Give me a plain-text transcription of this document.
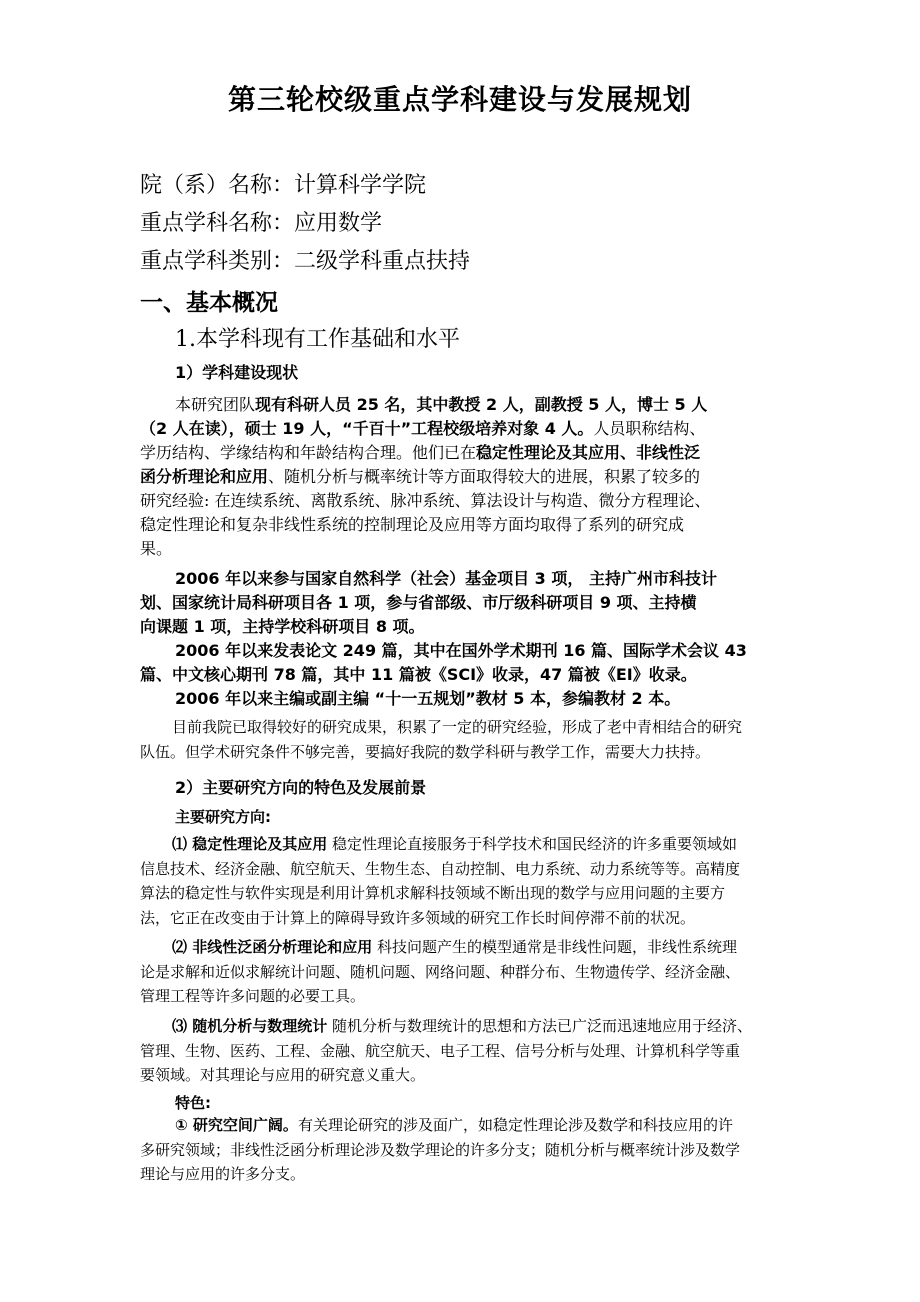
第三轮校级重点学科建设与发展规划
院（系）名称：计算科学学院
重点学科名称：应用数学
重点学科类别：二级学科重点扶持
一、基本概况
1.本学科现有工作基础和水平
1）学科建设现状
本研究团队现有科研人员 25 名，其中教授 2 人，副教授 5 人，博士 5 人
（2 人在读），硕士 19 人，“千百十”工程校级培养对象 4 人。人员职称结构、
学历结构、学缘结构和年龄结构合理。他们已在稳定性理论及其应用、非线性泛
函分析理论和应用、随机分析与概率统计等方面取得较大的进展，积累了较多的
研究经验: 在连续系统、离散系统、脉冲系统、算法设计与构造、微分方程理论、
稳定性理论和复杂非线性系统的控制理论及应用等方面均取得了系列的研究成
果。
2006 年以来参与国家自然科学（社会）基金项目 3 项， 主持广州市科技计
划、国家统计局科研项目各 1 项，参与省部级、市厅级科研项目 9 项、主持横
向课题 1 项，主持学校科研项目 8 项。
2006 年以来发表论文 249 篇，其中在国外学术期刊 16 篇、国际学术会议 43
篇、中文核心期刊 78 篇，其中 11 篇被《SCI》收录，47 篇被《EI》收录。
2006 年以来主编或副主编 “十一五规划”教材 5 本，参编教材 2 本。
目前我院已取得较好的研究成果，积累了一定的研究经验，形成了老中青相结合的研究
队伍。但学术研究条件不够完善，要搞好我院的数学科研与教学工作，需要大力扶持。
2）主要研究方向的特色及发展前景
主要研究方向:
⑴ 稳定性理论及其应用 稳定性理论直接服务于科学技术和国民经济的许多重要领域如
信息技术、经济金融、航空航天、生物生态、自动控制、电力系统、动力系统等等。高精度
算法的稳定性与软件实现是利用计算机求解科技领域不断出现的数学与应用问题的主要方
法，它正在改变由于计算上的障碍导致许多领域的研究工作长时间停滞不前的状况。
⑵ 非线性泛函分析理论和应用 科技问题产生的模型通常是非线性问题，非线性系统理
论是求解和近似求解统计问题、随机问题、网络问题、种群分布、生物遗传学、经济金融、
管理工程等许多问题的必要工具。
⑶ 随机分析与数理统计 随机分析与数理统计的思想和方法已广泛而迅速地应用于经济、
管理、生物、医药、工程、金融、航空航天、电子工程、信号分析与处理、计算机科学等重
要领域。对其理论与应用的研究意义重大。
特色:
① 研究空间广阔。有关理论研究的涉及面广，如稳定性理论涉及数学和科技应用的许
多研究领域；非线性泛函分析理论涉及数学理论的许多分支；随机分析与概率统计涉及数学
理论与应用的许多分支。
